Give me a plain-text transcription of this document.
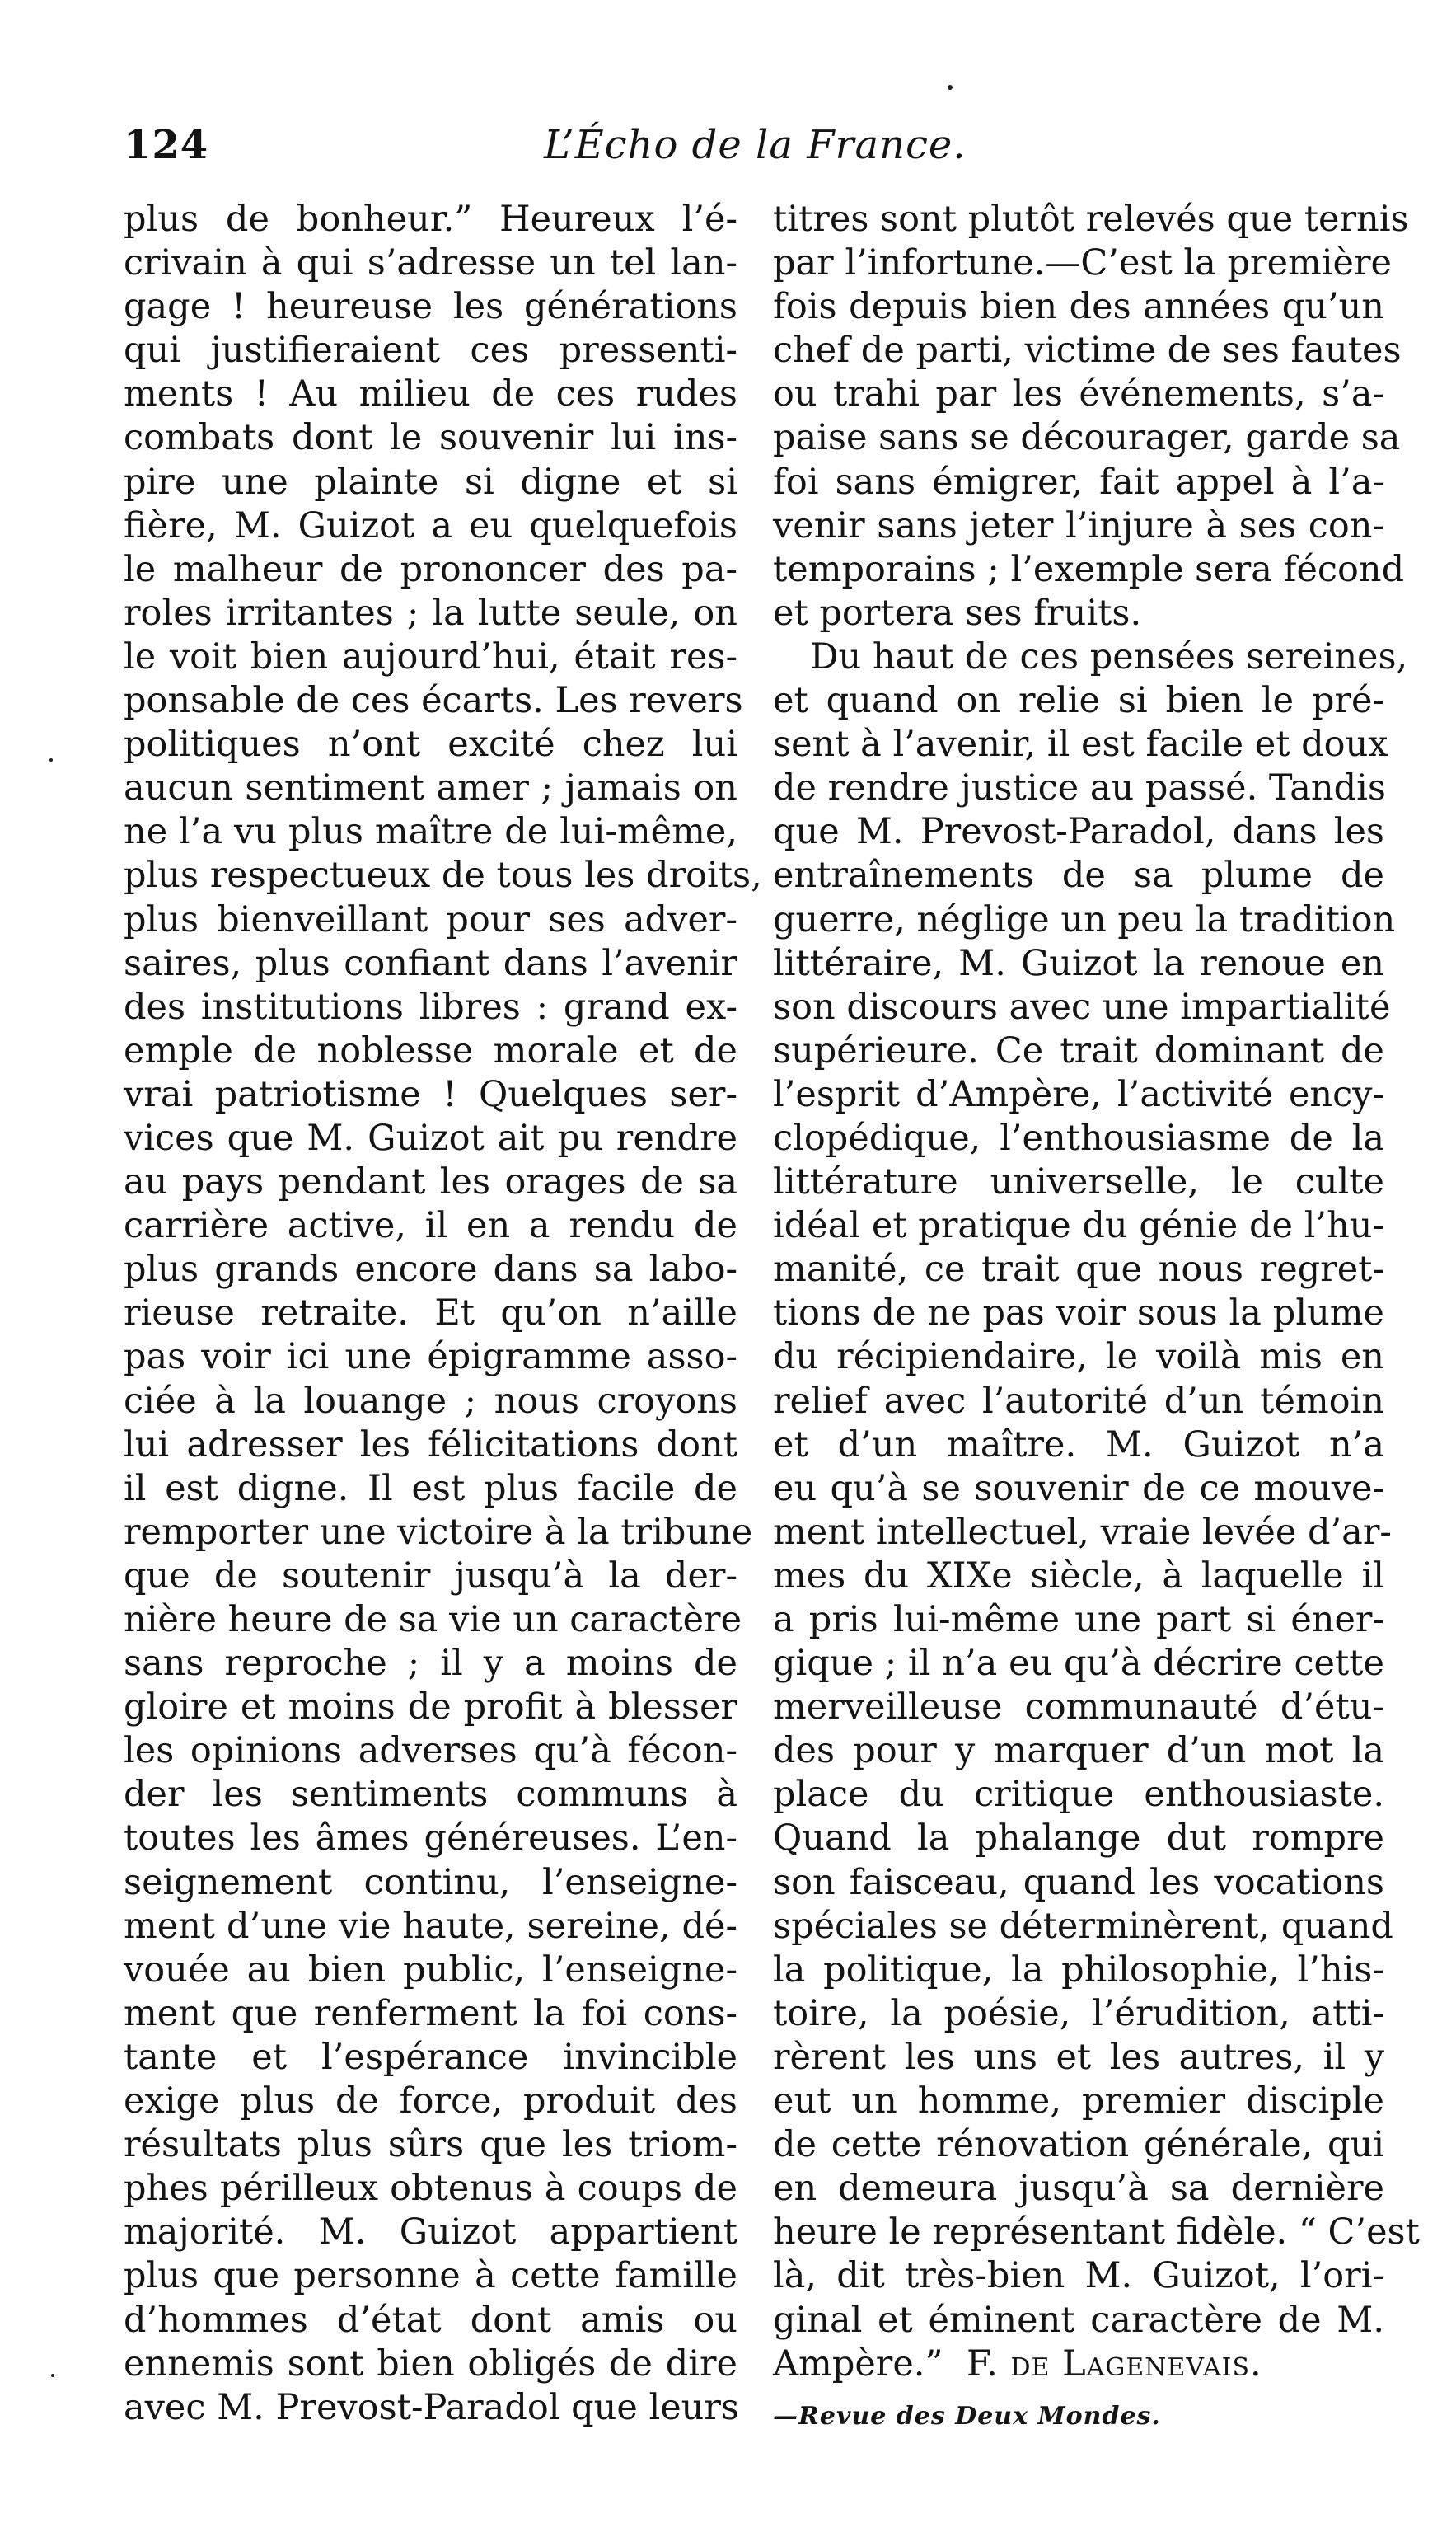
124	L’Écho de la France.
plus de bonheur.” Heureux l’é-
crivain à qui s’adresse un tel lan-
gage ! heureuse les générations
qui justifieraient ces pressenti-
ments ! Au milieu de ces rudes
combats dont le souvenir lui ins-
pire une plainte si digne et si
fière, M. Guizot a eu quelquefois
le malheur de prononcer des pa-
roles irritantes ; la lutte seule, on
le voit bien aujourd’hui, était res-
ponsable de ces écarts. Les revers
politiques n’ont excité chez lui
aucun sentiment amer ; jamais on
ne l’a vu plus maître de lui-même,
plus respectueux de tous les droits,
plus bienveillant pour ses adver-
saires, plus confiant dans l’avenir
des institutions libres : grand ex-
emple de noblesse morale et de
vrai patriotisme ! Quelques ser-
vices que M. Guizot ait pu rendre
au pays pendant les orages de sa
carrière active, il en a rendu de
plus grands encore dans sa labo-
rieuse retraite. Et qu’on n’aille
pas voir ici une épigramme asso-
ciée à la louange ; nous croyons
lui adresser les félicitations dont
il est digne. Il est plus facile de
remporter une victoire à la tribune
que de soutenir jusqu’à la der-
nière heure de sa vie un caractère
sans reproche ; il y a moins de
gloire et moins de profit à blesser
les opinions adverses qu’à fécon-
der les sentiments communs à
toutes les âmes généreuses. L’en-
seignement continu, l’enseigne-
ment d’une vie haute, sereine, dé-
vouée au bien public, l’enseigne-
ment que renferment la foi cons-
tante et l’espérance invincible
exige plus de force, produit des
résultats plus sûrs que les triom-
phes périlleux obtenus à coups de
majorité. M. Guizot appartient
plus que personne à cette famille
d’hommes d’état dont amis ou
ennemis sont bien obligés de dire
avec M. Prevost-Paradol que leurs
titres sont plutôt relevés que ternis
par l’infortune.—C’est la première
fois depuis bien des années qu’un
chef de parti, victime de ses fautes
ou trahi par les événements, s’a-
paise sans se décourager, garde sa
foi sans émigrer, fait appel à l’a-
venir sans jeter l’injure à ses con-
temporains ; l’exemple sera fécond
et portera ses fruits.
Du haut de ces pensées sereines,
et quand on relie si bien le pré-
sent à l’avenir, il est facile et doux
de rendre justice au passé. Tandis
que M. Prevost-Paradol, dans les
entraînements de sa plume de
guerre, néglige un peu la tradition
littéraire, M. Guizot la renoue en
son discours avec une impartialité
supérieure. Ce trait dominant de
l’esprit d’Ampère, l’activité ency-
clopédique, l’enthousiasme de la
littérature universelle, le culte
idéal et pratique du génie de l’hu-
manité, ce trait que nous regret-
tions de ne pas voir sous la plume
du récipiendaire, le voilà mis en
relief avec l’autorité d’un témoin
et d’un maître. M. Guizot n’a
eu qu’à se souvenir de ce mouve-
ment intellectuel, vraie levée d’ar-
mes du XIXe siècle, à laquelle il
a pris lui-même une part si éner-
gique ; il n’a eu qu’à décrire cette
merveilleuse communauté d’étu-
des pour y marquer d’un mot la
place du critique enthousiaste.
Quand la phalange dut rompre
son faisceau, quand les vocations
spéciales se déterminèrent, quand
la politique, la philosophie, l’his-
toire, la poésie, l’érudition, atti-
rèrent les uns et les autres, il y
eut un homme, premier disciple
de cette rénovation générale, qui
en demeura jusqu’à sa dernière
heure le représentant fidèle. “ C’est
là, dit très-bien M. Guizot, l’ori-
ginal et éminent caractère de M.
Ampère.” F. de Lagenevais.
—Revue des Deux Mondes.
